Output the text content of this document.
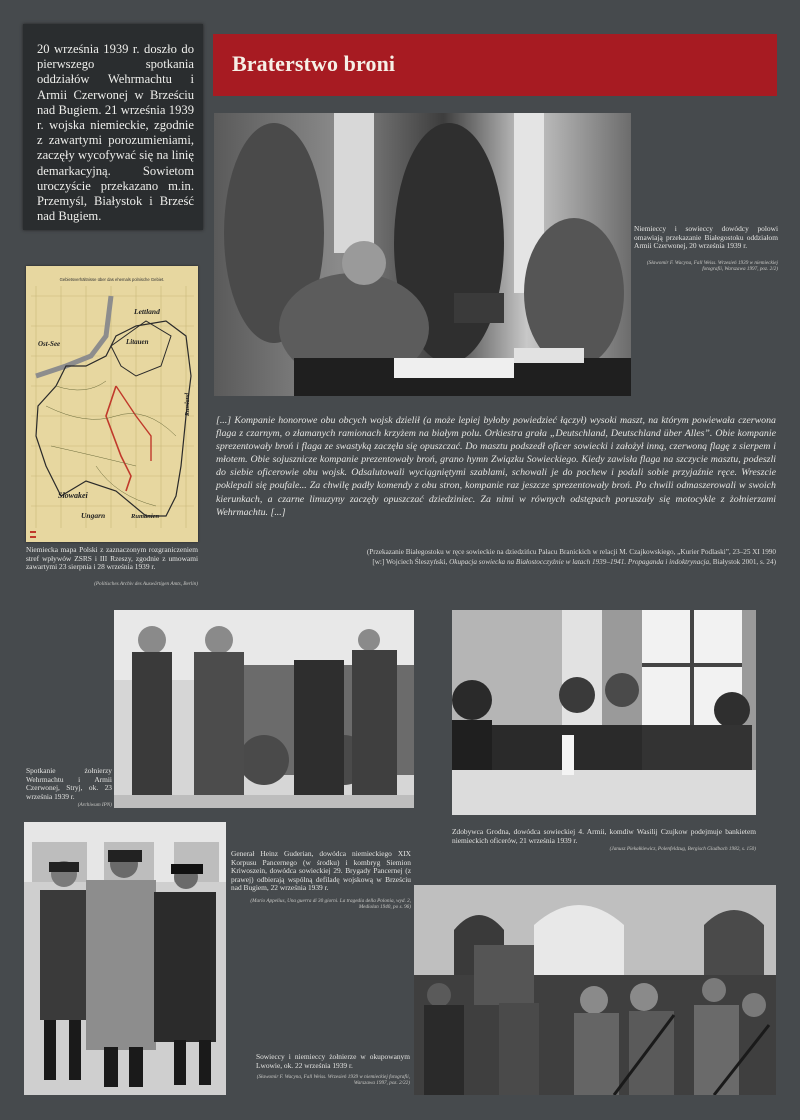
20 września 1939 r. doszło do pierwszego spotkania oddziałów Wehrmachtu i Armii Czerwonej w Brześciu nad Bugiem. 21 września 1939 r. wojska niemieckie, zgodnie z zawartymi porozumieniami, zaczęły wycofywać się na linię demarkacyjną. Sowietom uroczyście przekazano m.in. Przemyśl, Białystok i Brześć nad Bugiem.
Braterstwo broni
Niemieccy i sowieccy dowódcy polowi omawiają przekazanie Białegostoku oddziałom Armii Czerwonej, 20 września 1939 r.
(Sławomir F. Wacyna, Fall Weiss. Wrzesień 1939 w niemieckiej fotografii, Warszawa 1997, poz. 2/2)
Gebietsverhältnisse über das ehemals polnische Gebiet.
Lettland
Ost-See	Litauen
Russland
Slowakei
Ungarn	Rumänien
Niemiecka mapa Polski z zaznaczonym rozgraniczeniem stref wpływów ZSRS i III Rzeszy, zgodnie z umowami zawartymi 23 sierpnia i 28 września 1939 r.
(Politisches Archiv des Auswärtigen Amts, Berlin)
[...] Kompanie honorowe obu obcych wojsk dzielił (a może lepiej byłoby powiedzieć łączył) wysoki maszt, na którym powiewała czerwona flaga z czarnym, o złamanych ramionach krzyżem na białym polu. Orkiestra grała „Deutschland, Deutschland über Alles”. Obie kompanie sprezentowały broń i flaga ze swastyką zaczęła się opuszczać. Do masztu podszedł oficer sowiecki i założył inną, czerwoną flagę z sierpem i młotem. Obie sojusznicze kompanie prezentowały broń, grano hymn Związku Sowieckiego. Kiedy zawisła flaga na szczycie masztu, podeszli do siebie oficerowie obu wojsk. Odsalutowali wyciągniętymi szablami, schowali je do pochew i podali sobie przyjaźnie ręce. Wreszcie poklepali się poufale... Za chwilę padły komendy z obu stron, kompanie raz jeszcze sprezentowały broń. Po chwili odmaszerowali w swoich kierunkach, a czarne limuzyny zaczęły opuszczać dziedziniec. Za nimi w równych odstępach poruszały się motocykle z żołnierzami Wehrmachtu. [...]
(Przekazanie Białegostoku w ręce sowieckie na dziedzińcu Pałacu Branickich w relacji M. Czajkowskiego, „Kurier Podlaski”, 23–25 XI 1990
[w:] Wojciech Śleszyński, Okupacja sowiecka na Białostocczyźnie w latach 1939–1941. Propaganda i indoktrynacja, Białystok 2001, s. 24)
Spotkanie żołnierzy Wehrmachtu i Armii Czerwonej, Stryj, ok. 23 września 1939 r.
(Archiwum IPN)
Zdobywca Grodna, dowódca sowieckiej 4. Armii, komdiw Wasilij Czujkow podejmuje bankietem niemieckich oficerów, 21 września 1939 r.
(Janusz Piekałkiewicz, Polenfeldzug, Bergisch Gladbach 1982, s. 150)
Generał Heinz Guderian, dowódca niemieckiego XIX Korpusu Pancernego (w środku) i kombryg Siemion Kriwoszein, dowódca sowieckiej 29. Brygady Pancernej (z prawej) odbierają wspólną defiladę wojskową w Brześciu nad Bugiem, 22 września 1939 r.
(Mario Appelius, Una guerra di 30 giorni. La tragedia della Polonia, wyd. 2, Mediolan 1940, po s. 96)
Sowieccy i niemieccy żołnierze w okupowanym Lwowie, ok. 22 września 1939 r.
(Sławomir F. Wacyna, Fall Weiss. Wrzesień 1939 w niemieckiej fotografii, Warszawa 1997, poz. 2/22)
